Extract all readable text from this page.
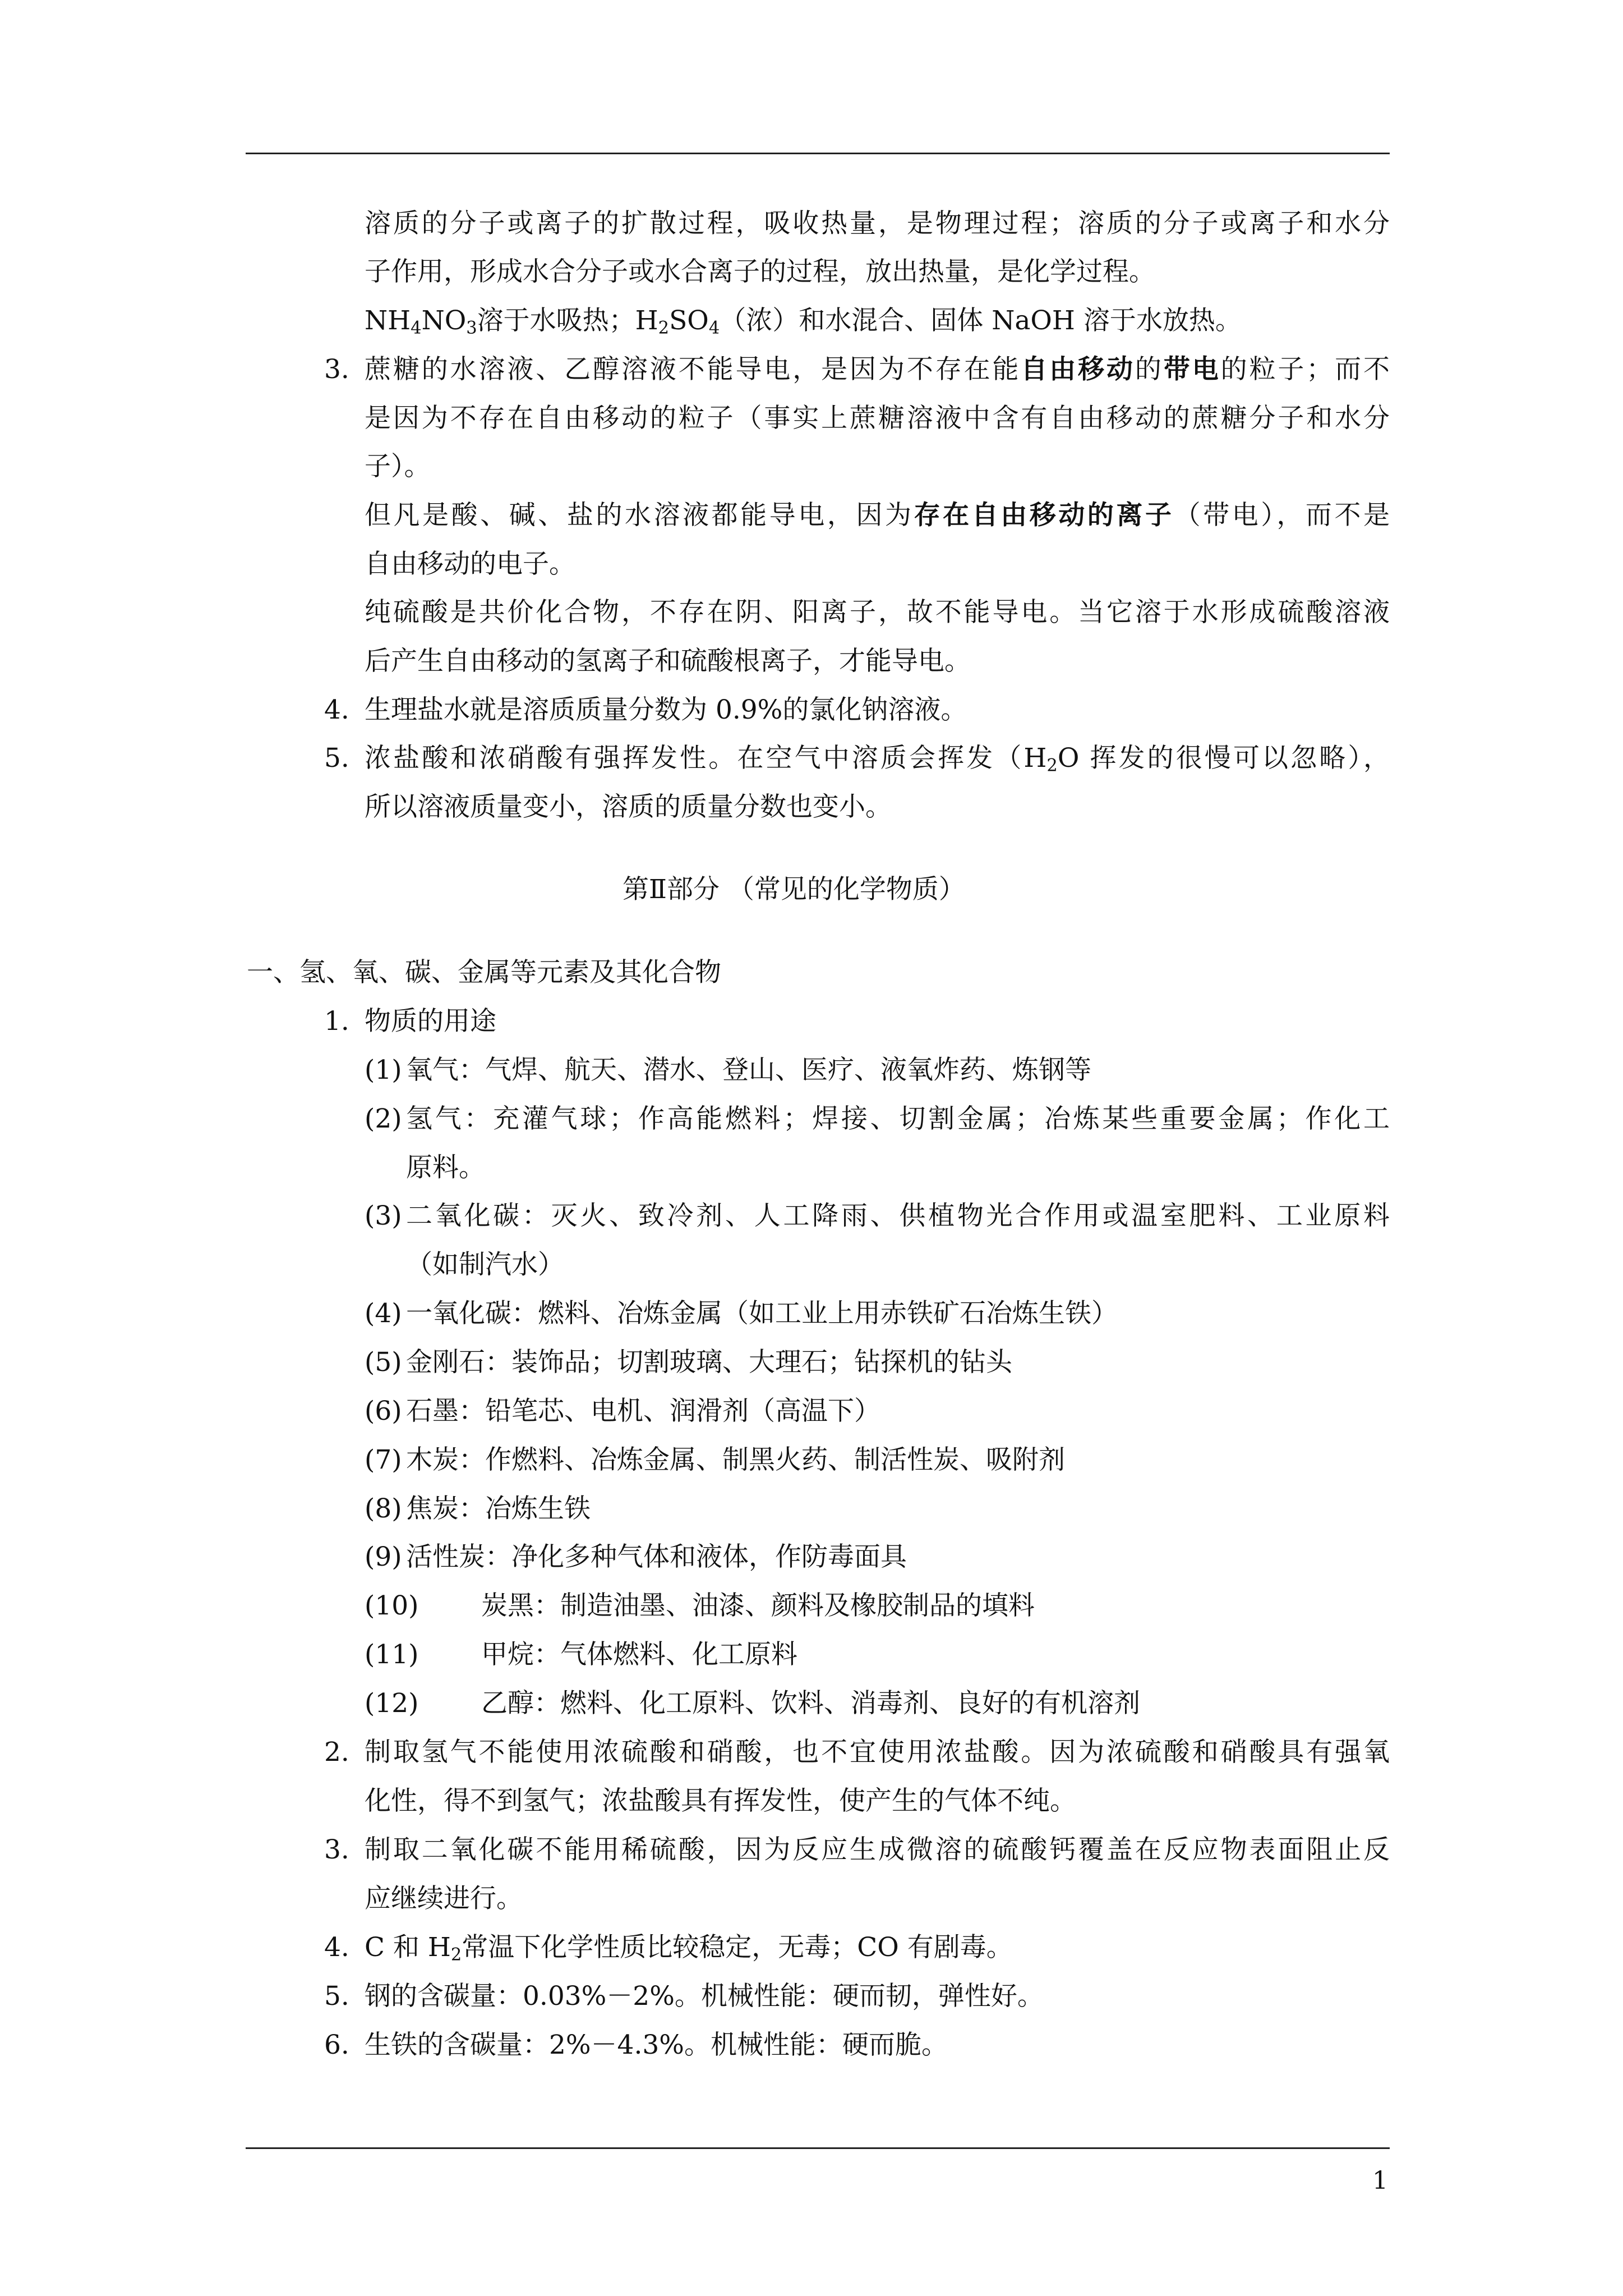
溶质的分子或离子的扩散过程，吸收热量，是物理过程；溶质的分子或离子和水分
子作用，形成水合分子或水合离子的过程，放出热量，是化学过程。
$NH_4NO_3$溶于水吸热；$H_2SO_4$（浓）和水混合、固体 NaOH 溶于水放热。
3. 蔗糖的水溶液、乙醇溶液不能导电，是因为不存在能自由移动的带电的粒子；而不
是因为不存在自由移动的粒子（事实上蔗糖溶液中含有自由移动的蔗糖分子和水分
子）。
但凡是酸、碱、盐的水溶液都能导电，因为存在自由移动的离子（带电），而不是
自由移动的电子。
纯硫酸是共价化合物，不存在阴、阳离子，故不能导电。当它溶于水形成硫酸溶液
后产生自由移动的氢离子和硫酸根离子，才能导电。
4. 生理盐水就是溶质质量分数为 0.9%的氯化钠溶液。
5. 浓盐酸和浓硝酸有强挥发性。在空气中溶质会挥发（$H_2O$ 挥发的很慢可以忽略），
所以溶液质量变小，溶质的质量分数也变小。
第Ⅱ部分 （常见的化学物质）
一、氢、氧、碳、金属等元素及其化合物
1. 物质的用途
(1) 氧气：气焊、航天、潜水、登山、医疗、液氧炸药、炼钢等
(2) 氢气：充灌气球；作高能燃料；焊接、切割金属；冶炼某些重要金属；作化工
原料。
(3) 二氧化碳：灭火、致冷剂、人工降雨、供植物光合作用或温室肥料、工业原料
（如制汽水）
(4) 一氧化碳：燃料、冶炼金属（如工业上用赤铁矿石冶炼生铁）
(5) 金刚石：装饰品；切割玻璃、大理石；钻探机的钻头
(6) 石墨：铅笔芯、电机、润滑剂（高温下）
(7) 木炭：作燃料、冶炼金属、制黑火药、制活性炭、吸附剂
(8) 焦炭：冶炼生铁
(9) 活性炭：净化多种气体和液体，作防毒面具
(10) 炭黑：制造油墨、油漆、颜料及橡胶制品的填料
(11) 甲烷：气体燃料、化工原料
(12) 乙醇：燃料、化工原料、饮料、消毒剂、良好的有机溶剂
2. 制取氢气不能使用浓硫酸和硝酸，也不宜使用浓盐酸。因为浓硫酸和硝酸具有强氧
化性，得不到氢气；浓盐酸具有挥发性，使产生的气体不纯。
3. 制取二氧化碳不能用稀硫酸，因为反应生成微溶的硫酸钙覆盖在反应物表面阻止反
应继续进行。
4. C 和 $H_2$常温下化学性质比较稳定，无毒；CO 有剧毒。
5. 钢的含碳量：0.03%－2%。机械性能：硬而韧，弹性好。
6. 生铁的含碳量：2%－4.3%。机械性能：硬而脆。
1
